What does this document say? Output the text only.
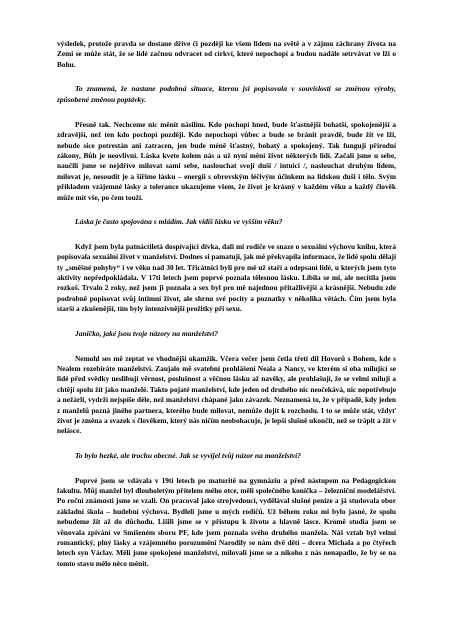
výsledek, protože pravda se dostane dříve či později ke všem lidem na světě a v zájmu záchrany života na Zemi se může stát, že se lidé začnou odvracet od církví, které nepochopí a budou nadále setrvávat ve lži o Bohu.

To znamená, že nastane podobná situace, kterou jsi popisovala v souvislosti se změnou výroby, způsobené změnou poptávky.

Přesně tak. Nechceme nic měnit násilím. Kdo pochopí hned, bude šťastnější bohatší, spokojenější a zdravější, než ten kdo pochopí později. Kdo nepochopí vůbec a bude se bránit pravdě, bude žít ve lži, nebude sice potrestán ani zatracen, jen bude méně šťastný, bohatý a spokojený. Tak fungují přírodní zákony, Bůh je neovlivní. Láska kvete kolem nás a už nyní mění život některých lidí. Začali jsme u sebe, naučili jsme se nejdříve milovat sami sebe, naslouchat svojí duši / intuici /, naslouchat druhým lidem, milovat je, nesoudit je a šířime lásku – energii s obrovským léčivým účinkem na lidskou duši i tělo. Svým příkladem vzájemné lásky a tolerance ukazujeme všem, že život je krásný v každém věku a každý člověk může mít vše, po čem touží.

Láska je často spojována s mládím. Jak vidíš lásku ve vyšším věku?

Když jsem byla patnáctiletá dospívající dívka, dali mi rodiče ve snaze o sexuální výchovu knihu, která popisovala sexuální život v manželství. Dodnes si pamatuji, jak mě překvapila informace, že lidé spolu dělají ty „směšné pohyby“ i ve věku nad 30 let. Třicátníci byli pro mě už staří a odepsaní lidé, u kterých jsem tyto aktivity nepředpokládala. V 17ti letech jsem poprvé poznala tělesnou lásku. Líbila se mi, ale necítila jsem rozkoš. Trvalo 2 roky, než jsem ji poznala a sex byl pro mě najednou přitažlivější a krásnější. Nebudu zde podrobně popisovat svůj intimní život, ale shrnu své pocity a poznatky v několika větách. Čím jsem byla starší a zkušenější, tím byly intenzivnější prožitky při sexu.

Janičko, jaké jsou tvoje názory na manželství?

Nemohl ses mě zeptat ve vhodnější okamžik. Včera večer jsem četla třetí díl Hovorů s Bohem, kde s Nealem rozebíráte manželství. Zaujalo mě svatební prohlášení Neala a Nancy, ve kterém si oba milující se lidé před svědky neslibují věrnost, poslušnost a věčnou lásku až navěky, ale prohlašují, že se velmi milují a chtějí spolu žít jako manželé. Takto pojaté manželství, kde jeden od druhého nic neočekává, nic nepotřebuje a nežárli, vydrží nejspíše déle, než manželství chápané jako závazek. Neznamená to, že v případě, kdy jeden z manželů pozná jiného partnera, kterého bude milovat, nemůže dojít k rozchodu. I to se může stát, vždyť život je změna a svazek s člověkem, který nás ničím neobohacuje, je lepší slušně ukončit, než se trápit a žít v nelásce.

To bylo hezké, ale trochu obecné. Jak se vyvíjel tvůj názor na manželství?

Poprvé jsem se vdávala v 19ti letech po maturitě na gymnáziu a před nástupem na Pedagogickou fakultu. Můj manžel byl dlouholetým přítelem mého otce, mělí společného koníčka – železniční modelářství. Po roční známosti jsme se vzali. On pracoval jako strojvedoucí, vydělával slušné peníze a já studovala obor základní škola – hudební výchova. Bydleli jsme u mých rodičů. Už během roku mi bylo jasné, že spolu nebudeme žít až do důchodu. Lišili jsme se v přístupu k životu a hlavně lásce. Kromě studia jsem se věnovala zpívání ve Smíšeném sboru PF, kde jsem poznala svého druhého manžela. Náš vztah byl velmi romantický, plný lásky a vzájemného porozumění Narodily se nám dvě dětí – dcera Michala a po čtyřech letech syn Václav. Měli jsme spokojené manželství, milovali jsme se a nikoho z nás nenapadlo, že by se na tomto stavu mělo něco měnit.
